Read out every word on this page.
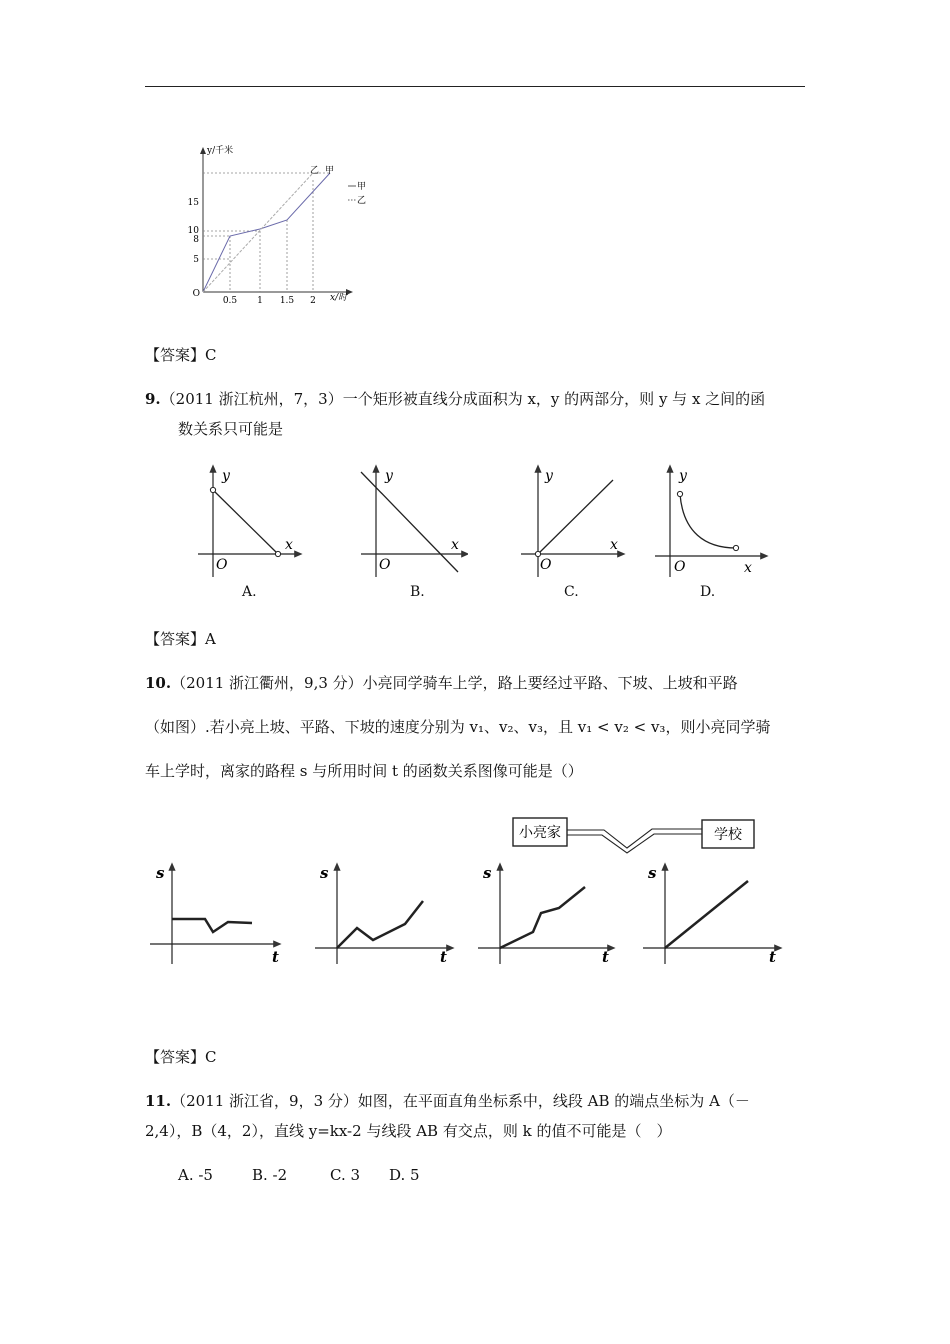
y/千米
x/时
O
5
8
10
15
0.5 1 1.5 2
乙 甲
甲
乙
【答案】C
9.（2011 浙江杭州，7，3）一个矩形被直线分成面积为 x，y 的两部分，则 y 与 x 之间的函
数关系只可能是
y
x
O
A.
y
x
O
B.
y
x
O
C.
y
x
O
D.
【答案】A
10.（2011 浙江衢州，9,3 分）小亮同学骑车上学，路上要经过平路、下坡、上坡和平路
（如图）.若小亮上坡、平路、下坡的速度分别为 v₁、v₂、v₃，且 v₁ < v₂ < v₃，则小亮同学骑
车上学时，离家的路程 s 与所用时间 t 的函数关系图像可能是（）
小亮家	学校
s
t
s
t
s
t
s
t
【答案】C
11.（2011 浙江省，9，3 分）如图，在平面直角坐标系中，线段 AB 的端点坐标为 A（－
2,4），B（4，2），直线 y=kx-2 与线段 AB 有交点，则 k 的值不可能是（　）
A. -5	B. -2	C. 3 D. 5
